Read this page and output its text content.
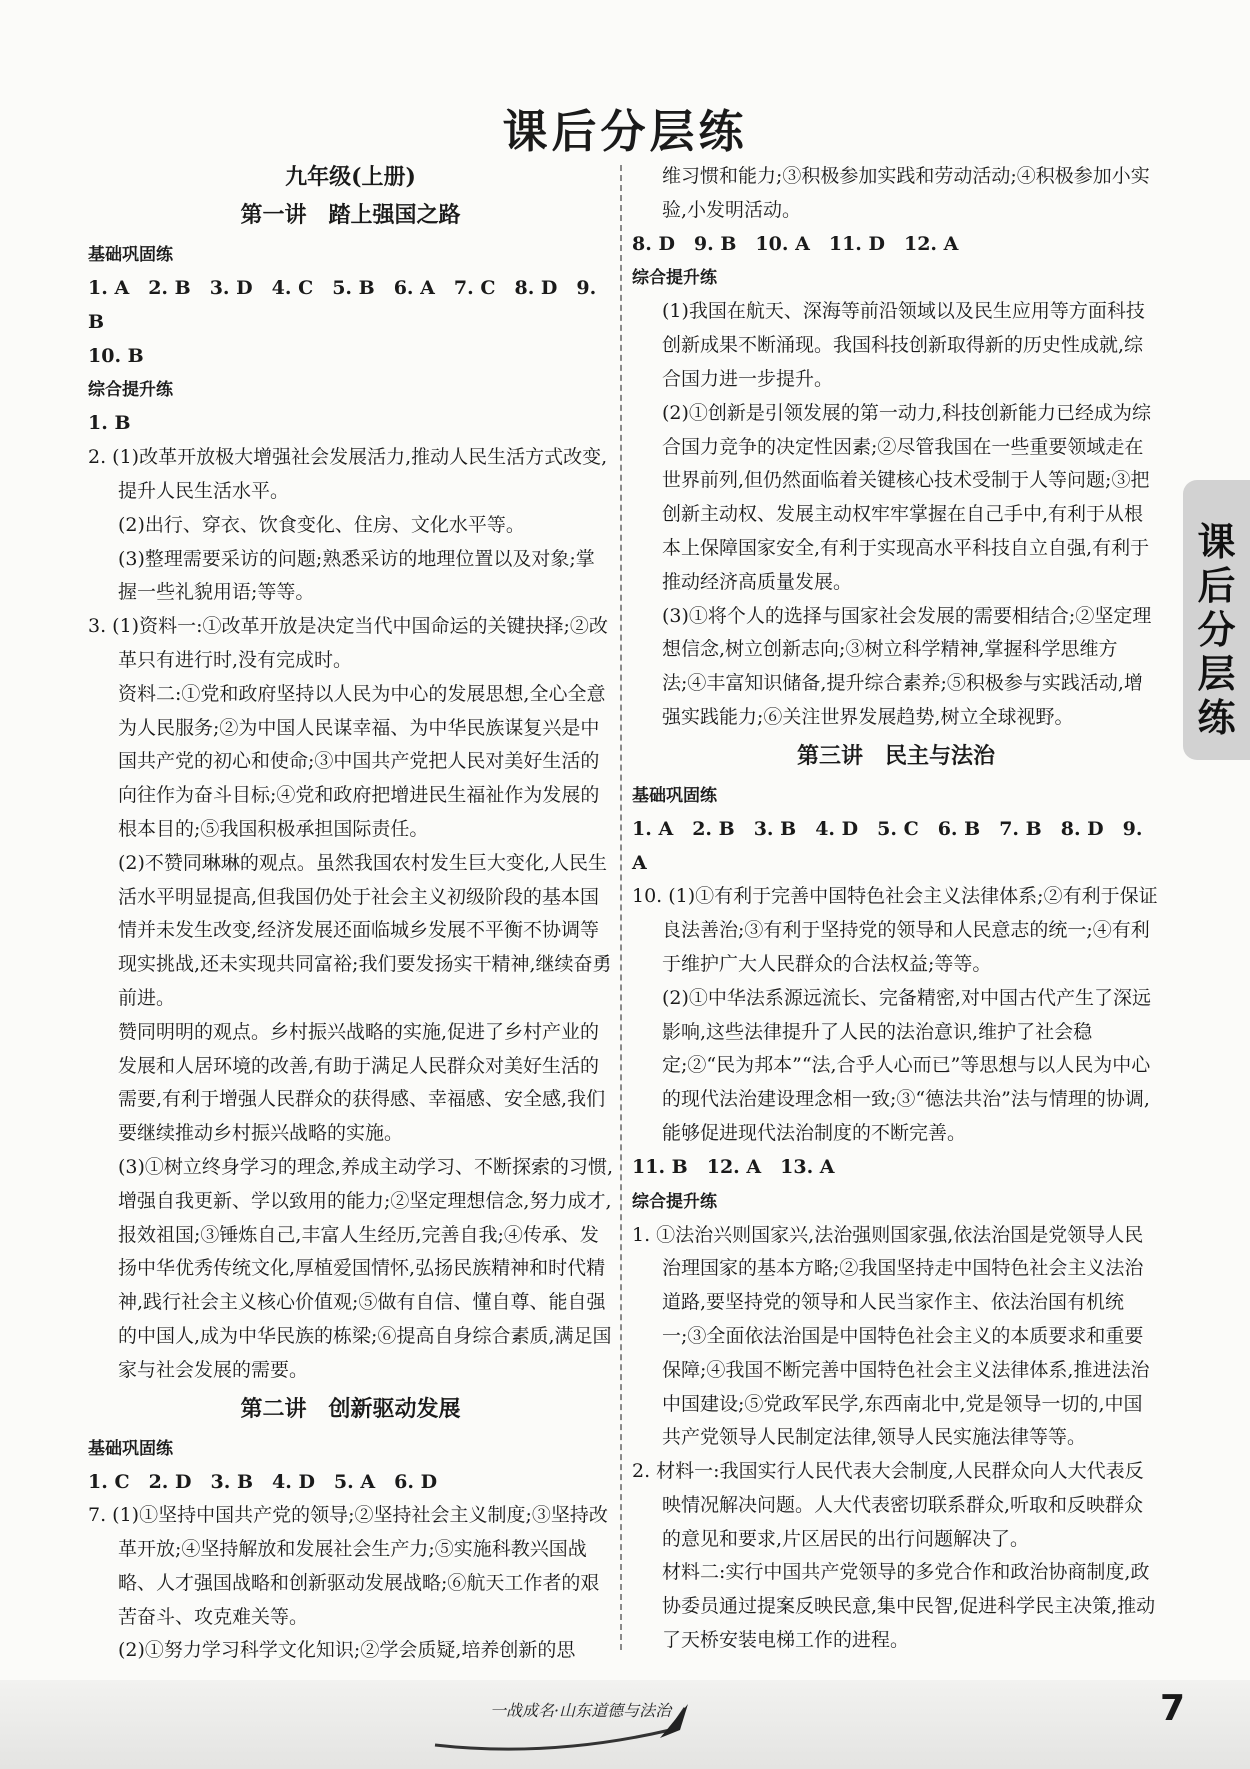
课后分层练
九年级(上册)
第一讲　踏上强国之路
基础巩固练
1. A　2. B　3. D　4. C　5. B　6. A　7. C　8. D　9. B
10. B
综合提升练
1. B
2. (1)改革开放极大增强社会发展活力,推动人民生活方式改变,提升人民生活水平。
(2)出行、穿衣、饮食变化、住房、文化水平等。
(3)整理需要采访的问题;熟悉采访的地理位置以及对象;掌握一些礼貌用语;等等。
3. (1)资料一:①改革开放是决定当代中国命运的关键抉择;②改革只有进行时,没有完成时。
资料二:①党和政府坚持以人民为中心的发展思想,全心全意为人民服务;②为中国人民谋幸福、为中华民族谋复兴是中国共产党的初心和使命;③中国共产党把人民对美好生活的向往作为奋斗目标;④党和政府把增进民生福祉作为发展的根本目的;⑤我国积极承担国际责任。
(2)不赞同琳琳的观点。虽然我国农村发生巨大变化,人民生活水平明显提高,但我国仍处于社会主义初级阶段的基本国情并未发生改变,经济发展还面临城乡发展不平衡不协调等现实挑战,还未实现共同富裕;我们要发扬实干精神,继续奋勇前进。
赞同明明的观点。乡村振兴战略的实施,促进了乡村产业的发展和人居环境的改善,有助于满足人民群众对美好生活的需要,有利于增强人民群众的获得感、幸福感、安全感,我们要继续推动乡村振兴战略的实施。
(3)①树立终身学习的理念,养成主动学习、不断探索的习惯,增强自我更新、学以致用的能力;②坚定理想信念,努力成才,报效祖国;③锤炼自己,丰富人生经历,完善自我;④传承、发扬中华优秀传统文化,厚植爱国情怀,弘扬民族精神和时代精神,践行社会主义核心价值观;⑤做有自信、懂自尊、能自强的中国人,成为中华民族的栋梁;⑥提高自身综合素质,满足国家与社会发展的需要。
第二讲　创新驱动发展
基础巩固练
1. C　2. D　3. B　4. D　5. A　6. D
7. (1)①坚持中国共产党的领导;②坚持社会主义制度;③坚持改革开放;④坚持解放和发展社会生产力;⑤实施科教兴国战略、人才强国战略和创新驱动发展战略;⑥航天工作者的艰苦奋斗、攻克难关等。
(2)①努力学习科学文化知识;②学会质疑,培养创新的思
维习惯和能力;③积极参加实践和劳动活动;④积极参加小实验,小发明活动。
8. D　9. B　10. A　11. D　12. A
综合提升练
(1)我国在航天、深海等前沿领域以及民生应用等方面科技创新成果不断涌现。我国科技创新取得新的历史性成就,综合国力进一步提升。
(2)①创新是引领发展的第一动力,科技创新能力已经成为综合国力竞争的决定性因素;②尽管我国在一些重要领域走在世界前列,但仍然面临着关键核心技术受制于人等问题;③把创新主动权、发展主动权牢牢掌握在自己手中,有利于从根本上保障国家安全,有利于实现高水平科技自立自强,有利于推动经济高质量发展。
(3)①将个人的选择与国家社会发展的需要相结合;②坚定理想信念,树立创新志向;③树立科学精神,掌握科学思维方法;④丰富知识储备,提升综合素养;⑤积极参与实践活动,增强实践能力;⑥关注世界发展趋势,树立全球视野。
第三讲　民主与法治
基础巩固练
1. A　2. B　3. B　4. D　5. C　6. B　7. B　8. D　9. A
10. (1)①有利于完善中国特色社会主义法律体系;②有利于保证良法善治;③有利于坚持党的领导和人民意志的统一;④有利于维护广大人民群众的合法权益;等等。
(2)①中华法系源远流长、完备精密,对中国古代产生了深远影响,这些法律提升了人民的法治意识,维护了社会稳定;②“民为邦本”“法,合乎人心而已”等思想与以人民为中心的现代法治建设理念相一致;③“德法共治”法与情理的协调,能够促进现代法治制度的不断完善。
11. B　12. A　13. A
综合提升练
1. ①法治兴则国家兴,法治强则国家强,依法治国是党领导人民治理国家的基本方略;②我国坚持走中国特色社会主义法治道路,要坚持党的领导和人民当家作主、依法治国有机统一;③全面依法治国是中国特色社会主义的本质要求和重要保障;④我国不断完善中国特色社会主义法律体系,推进法治中国建设;⑤党政军民学,东西南北中,党是领导一切的,中国共产党领导人民制定法律,领导人民实施法律等等。
2. 材料一:我国实行人民代表大会制度,人民群众向人大代表反映情况解决问题。人大代表密切联系群众,听取和反映群众的意见和要求,片区居民的出行问题解决了。
材料二:实行中国共产党领导的多党合作和政治协商制度,政协委员通过提案反映民意,集中民智,促进科学民主决策,推动了天桥安装电梯工作的进程。
课
后
分
层
练
一战成名·山东道德与法治	7
